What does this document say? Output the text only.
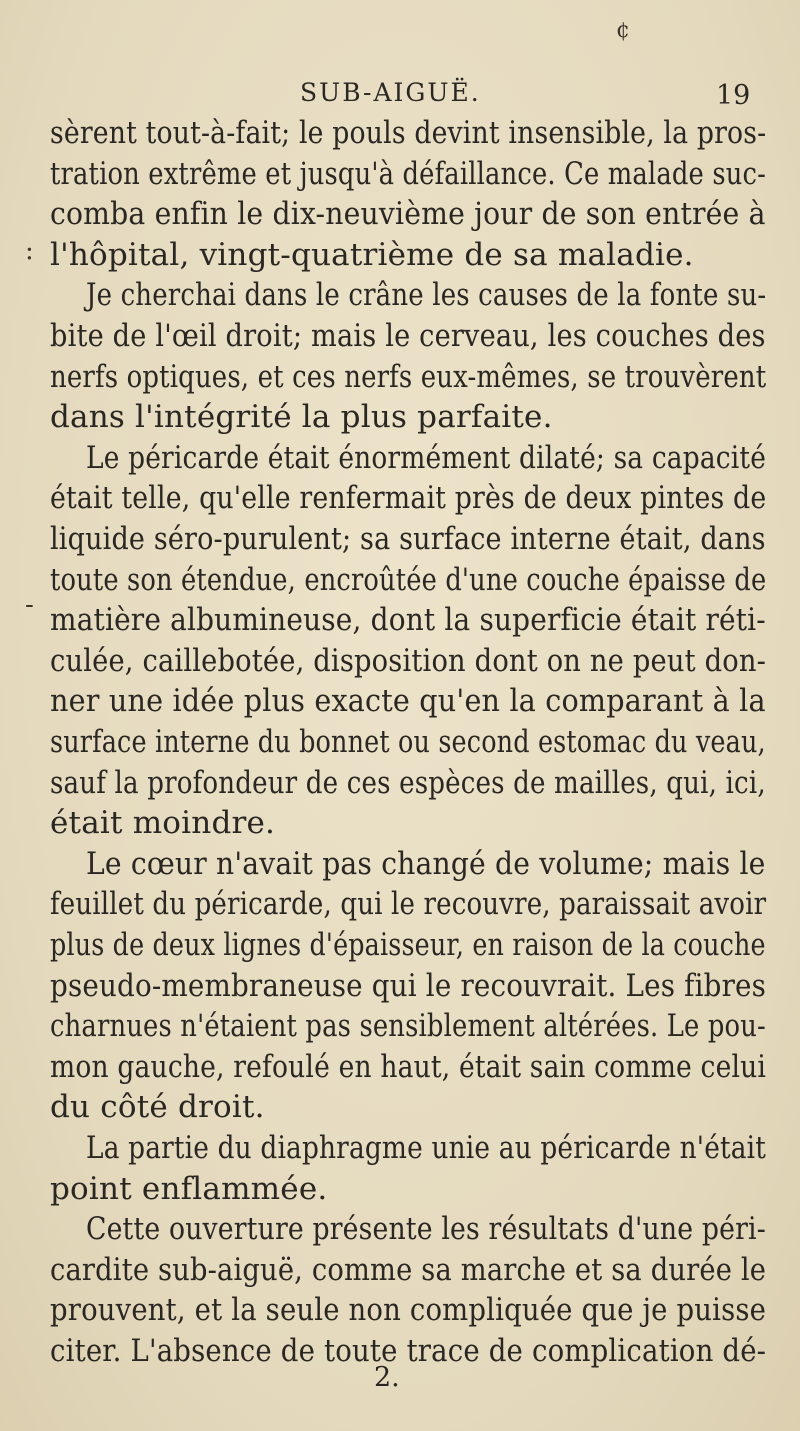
¢
SUB-AIGUË.	19
:
-

sèrent tout-à-fait; le pouls devint insensible, la pros-

tration extrême et jusqu'à défaillance. Ce malade suc-

comba enfin le dix-neuvième jour de son entrée à

l'hôpital, vingt-quatrième de sa maladie.

Je cherchai dans le crâne les causes de la fonte su-

bite de l'œil droit; mais le cerveau, les couches des

nerfs optiques, et ces nerfs eux-mêmes, se trouvèrent

dans l'intégrité la plus parfaite.

Le péricarde était énormément dilaté; sa capacité

était telle, qu'elle renfermait près de deux pintes de

liquide séro-purulent; sa surface interne était, dans

toute son étendue, encroûtée d'une couche épaisse de

matière albumineuse, dont la superficie était réti-

culée, caillebotée, disposition dont on ne peut don-

ner une idée plus exacte qu'en la comparant à la

surface interne du bonnet ou second estomac du veau,

sauf la profondeur de ces espèces de mailles, qui, ici,

était moindre.

Le cœur n'avait pas changé de volume; mais le

feuillet du péricarde, qui le recouvre, paraissait avoir

plus de deux lignes d'épaisseur, en raison de la couche

pseudo-membraneuse qui le recouvrait. Les fibres

charnues n'étaient pas sensiblement altérées. Le pou-

mon gauche, refoulé en haut, était sain comme celui

du côté droit.

La partie du diaphragme unie au péricarde n'était

point enflammée.

Cette ouverture présente les résultats d'une péri-

cardite sub-aiguë, comme sa marche et sa durée le

prouvent, et la seule non compliquée que je puisse

citer. L'absence de toute trace de complication dé-

2.
